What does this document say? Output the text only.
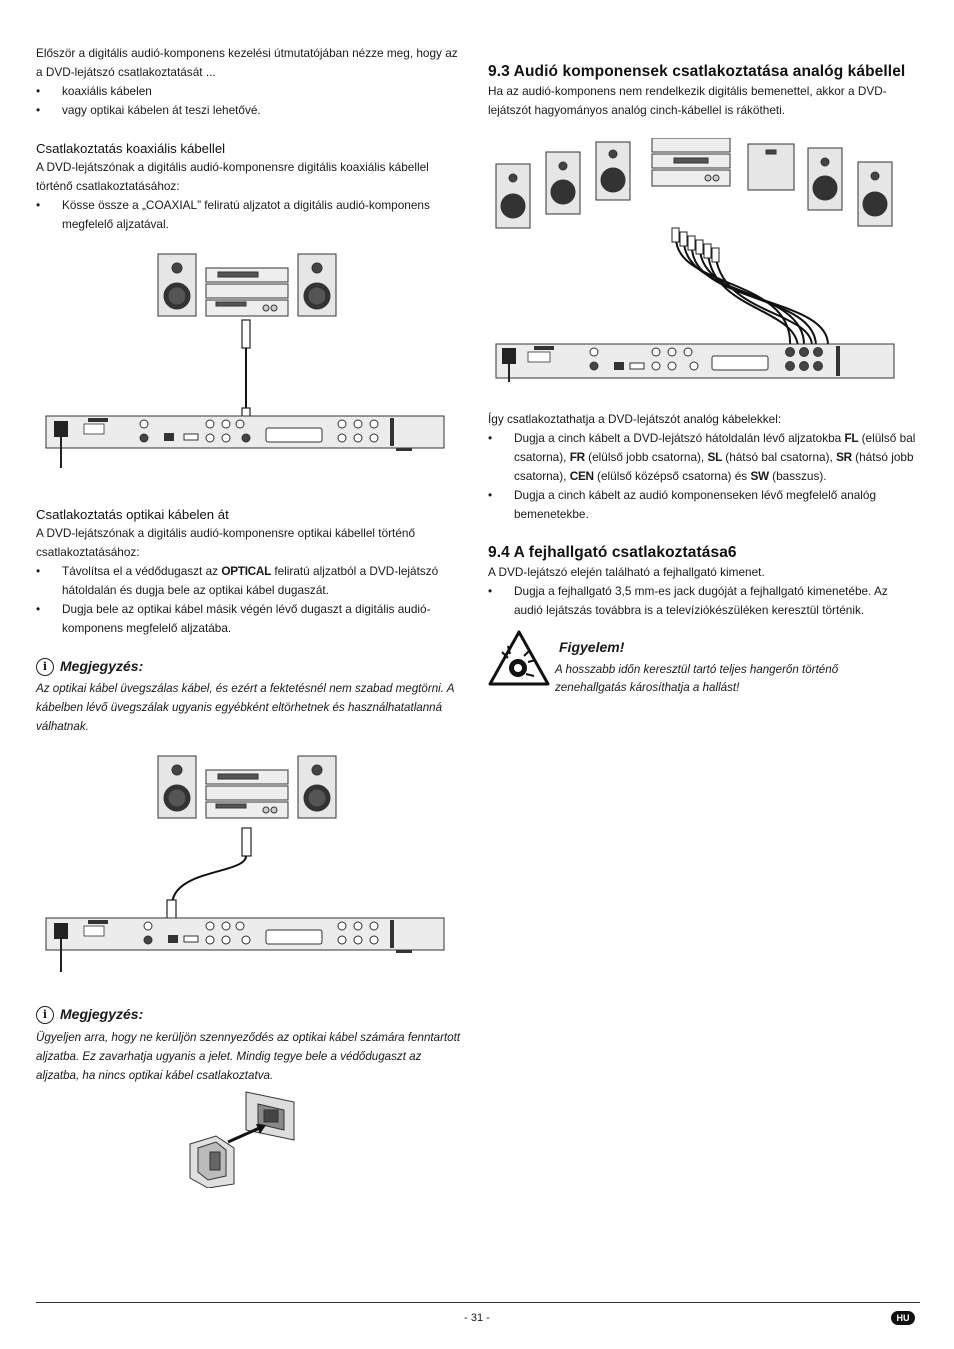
Először a digitális audió-komponens kezelési útmutatójában nézze meg, hogy az a DVD-lejátszó csatlakoztatását ...

• koaxiális kábelen

• vagy optikai kábelen át teszi lehetővé.

Csatlakoztatás koaxiális kábellel

A DVD-lejátszónak a digitális audió-komponensre digitális koaxiális kábellel történő csatlakoztatásához:

• Kösse össze a „COAXIAL” feliratú aljzatot a digitális audió-komponens megfelelő aljzatával.

Csatlakoztatás optikai kábelen át

A DVD-lejátszónak a digitális audió-komponensre optikai kábellel történő csatlakoztatásához:

• Távolítsa el a védődugaszt az OPTICAL feliratú aljzatból a DVD-lejátszó hátoldalán és dugja bele az optikai kábel dugaszát.

• Dugja bele az optikai kábel másik végén lévő dugaszt a digitális audió-komponens megfelelő aljzatába.

i Megjegyzés:

Az optikai kábel üvegszálas kábel, és ezért a fektetésnél nem szabad megtörni. A kábelben lévő üvegszálak ugyanis egyébként eltörhetnek és használhatatlanná válhatnak.

i Megjegyzés:

Ügyeljen arra, hogy ne kerüljön szennyeződés az optikai kábel számára fenntartott aljzatba. Ez zavarhatja ugyanis a jelet. Mindig tegye bele a védődugaszt az aljzatba, ha nincs optikai kábel csatlakoztatva.

9.3 Audió komponensek csatlakoztatása analóg kábellel

Ha az audió-komponens nem rendelkezik digitális bemenettel, akkor a DVD-lejátszót hagyományos analóg cinch-kábellel is rákötheti.

Így csatlakoztathatja a DVD-lejátszót analóg kábelekkel:

• Dugja a cinch kábelt a DVD-lejátszó hátoldalán lévő aljzatokba FL (elülső bal csatorna), FR (elülső jobb csatorna), SL (hátsó bal csatorna), SR (hátsó jobb csatorna), CEN (elülső középső csatorna) és SW (basszus).

• Dugja a cinch kábelt az audió komponenseken lévő megfelelő analóg bemenetekbe.

9.4 A fejhallgató csatlakoztatása6

A DVD-lejátszó elején található a fejhallgató kimenet.

• Dugja a fejhallgató 3,5 mm-es jack dugóját a fejhallgató kimenetébe. Az audió lejátszás továbbra is a televíziókészüléken keresztül történik.

Figyelem!

A hosszabb időn keresztül tartó teljes hangerőn történő zenehallgatás károsíthatja a hallást!

- 31 -	HU
